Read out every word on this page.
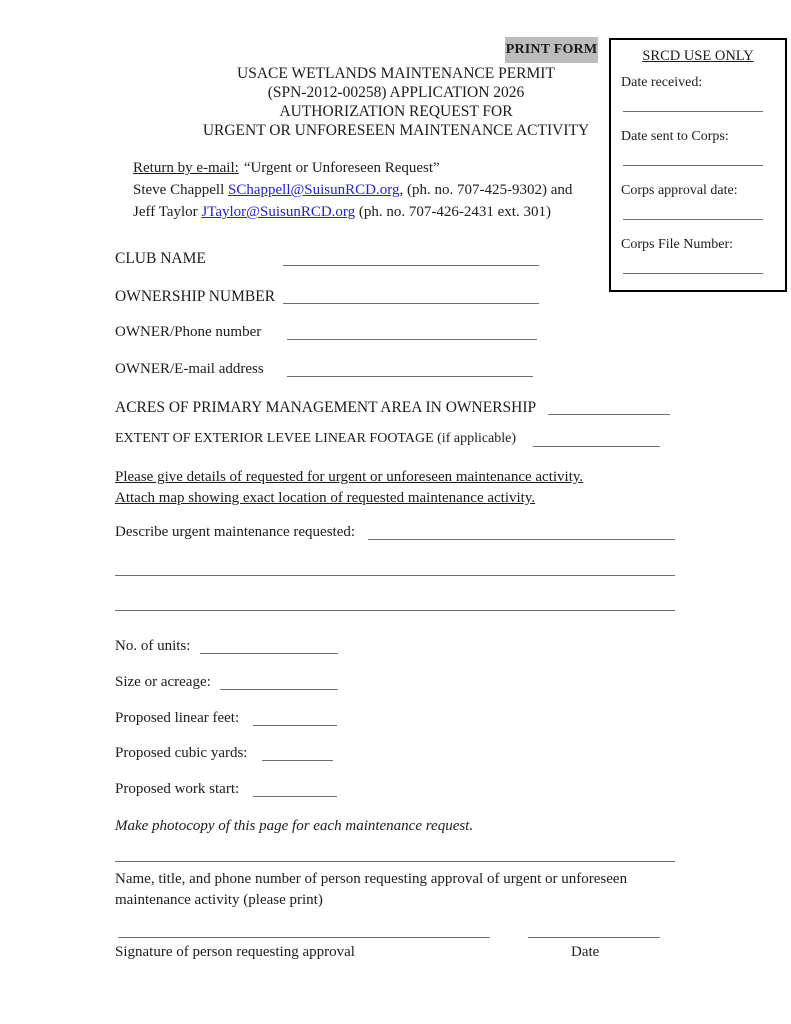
PRINT FORM	SRCD USE ONLY
Date received:
Date sent to Corps:
Corps approval date:
Corps File Number:
USACE WETLANDS MAINTENANCE PERMIT
(SPN-2012-00258) APPLICATION 2026
AUTHORIZATION REQUEST FOR
URGENT OR UNFORESEEN MAINTENANCE ACTIVITY
Return by e-mail: “Urgent or Unforeseen Request”
Steve Chappell SChappell@SuisunRCD.org, (ph. no. 707-425-9302) and
Jeff Taylor JTaylor@SuisunRCD.org (ph. no. 707-426-2431 ext. 301)
CLUB NAME
OWNERSHIP NUMBER
OWNER/Phone number
OWNER/E-mail address
ACRES OF PRIMARY MANAGEMENT AREA IN OWNERSHIP
EXTENT OF EXTERIOR LEVEE LINEAR FOOTAGE (if applicable)
Please give details of requested for urgent or unforeseen maintenance activity.
Attach map showing exact location of requested maintenance activity.
Describe urgent maintenance requested:
No. of units:
Size or acreage:
Proposed linear feet:
Proposed cubic yards:
Proposed work start:
Make photocopy of this page for each maintenance request.
Name, title, and phone number of person requesting approval of urgent or unforeseen maintenance activity (please print)
Signature of person requesting approval	Date
